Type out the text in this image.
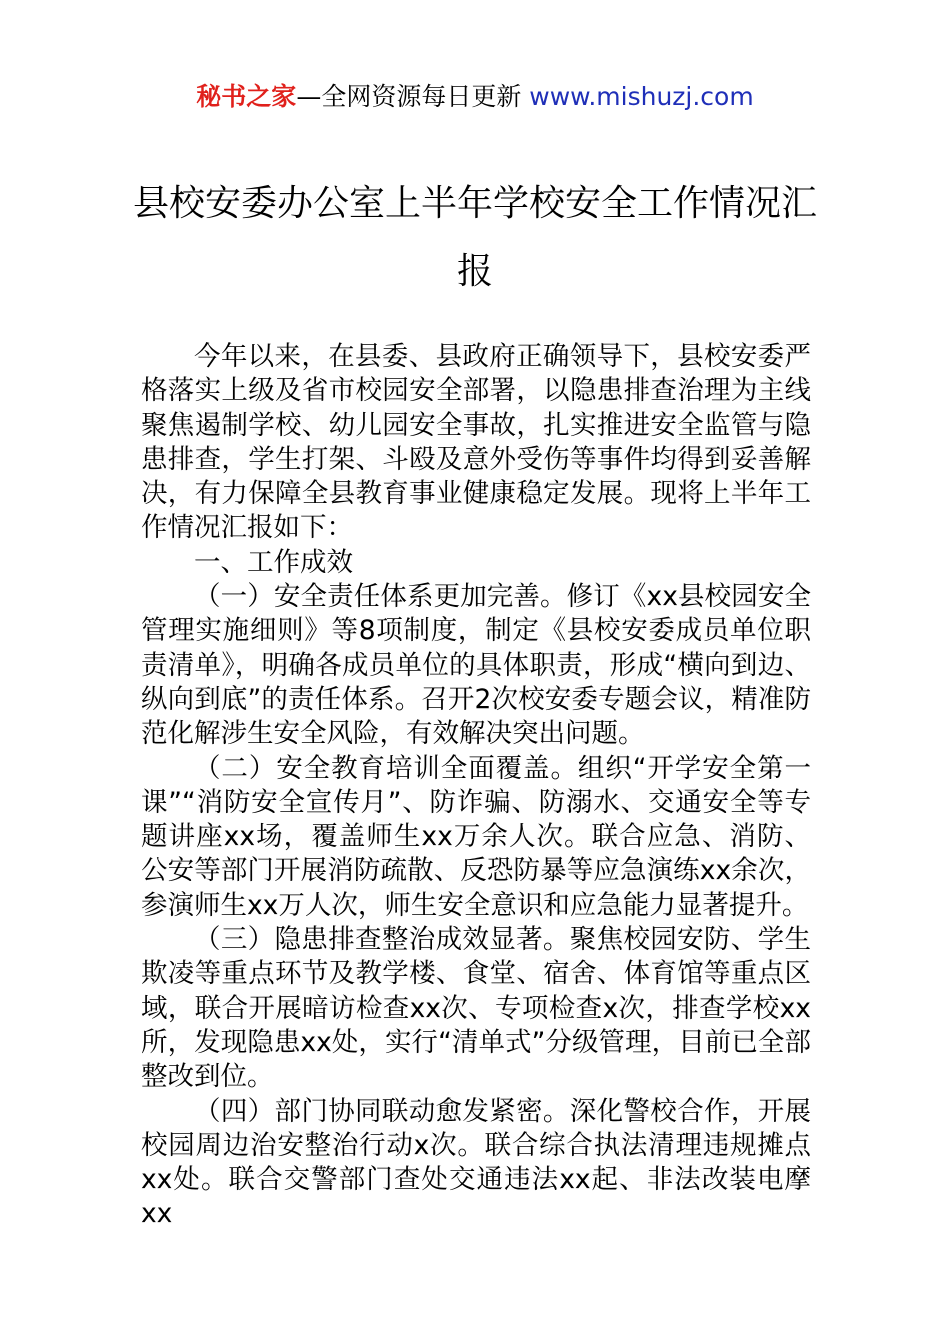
秘书之家—全网资源每日更新 www.mishuzj.com
县校安委办公室上半年学校安全工作情况汇报

今年以来，在县委、县政府正确领导下，县校安委严格落实上级及省市校园安全部署，以隐患排查治理为主线聚焦遏制学校、幼儿园安全事故，扎实推进安全监管与隐患排查，学生打架、斗殴及意外受伤等事件均得到妥善解决，有力保障全县教育事业健康稳定发展。现将上半年工作情况汇报如下：

一、工作成效

（一）安全责任体系更加完善。修订《xx县校园安全管理实施细则》等8项制度，制定《县校安委成员单位职责清单》，明确各成员单位的具体职责，形成“横向到边、纵向到底”的责任体系。召开2次校安委专题会议，精准防范化解涉生安全风险，有效解决突出问题。

（二）安全教育培训全面覆盖。组织“开学安全第一课”“消防安全宣传月”、防诈骗、防溺水、交通安全等专题讲座xx场，覆盖师生xx万余人次。联合应急、消防、公安等部门开展消防疏散、反恐防暴等应急演练xx余次，参演师生xx万人次，师生安全意识和应急能力显著提升。

（三）隐患排查整治成效显著。聚焦校园安防、学生欺凌等重点环节及教学楼、食堂、宿舍、体育馆等重点区域，联合开展暗访检查xx次、专项检查x次，排查学校xx所，发现隐患xx处，实行“清单式”分级管理，目前已全部整改到位。

（四）部门协同联动愈发紧密。深化警校合作，开展校园周边治安整治行动x次。联合综合执法清理违规摊点xx处。联合交警部门查处交通违法xx起、非法改装电摩xx
